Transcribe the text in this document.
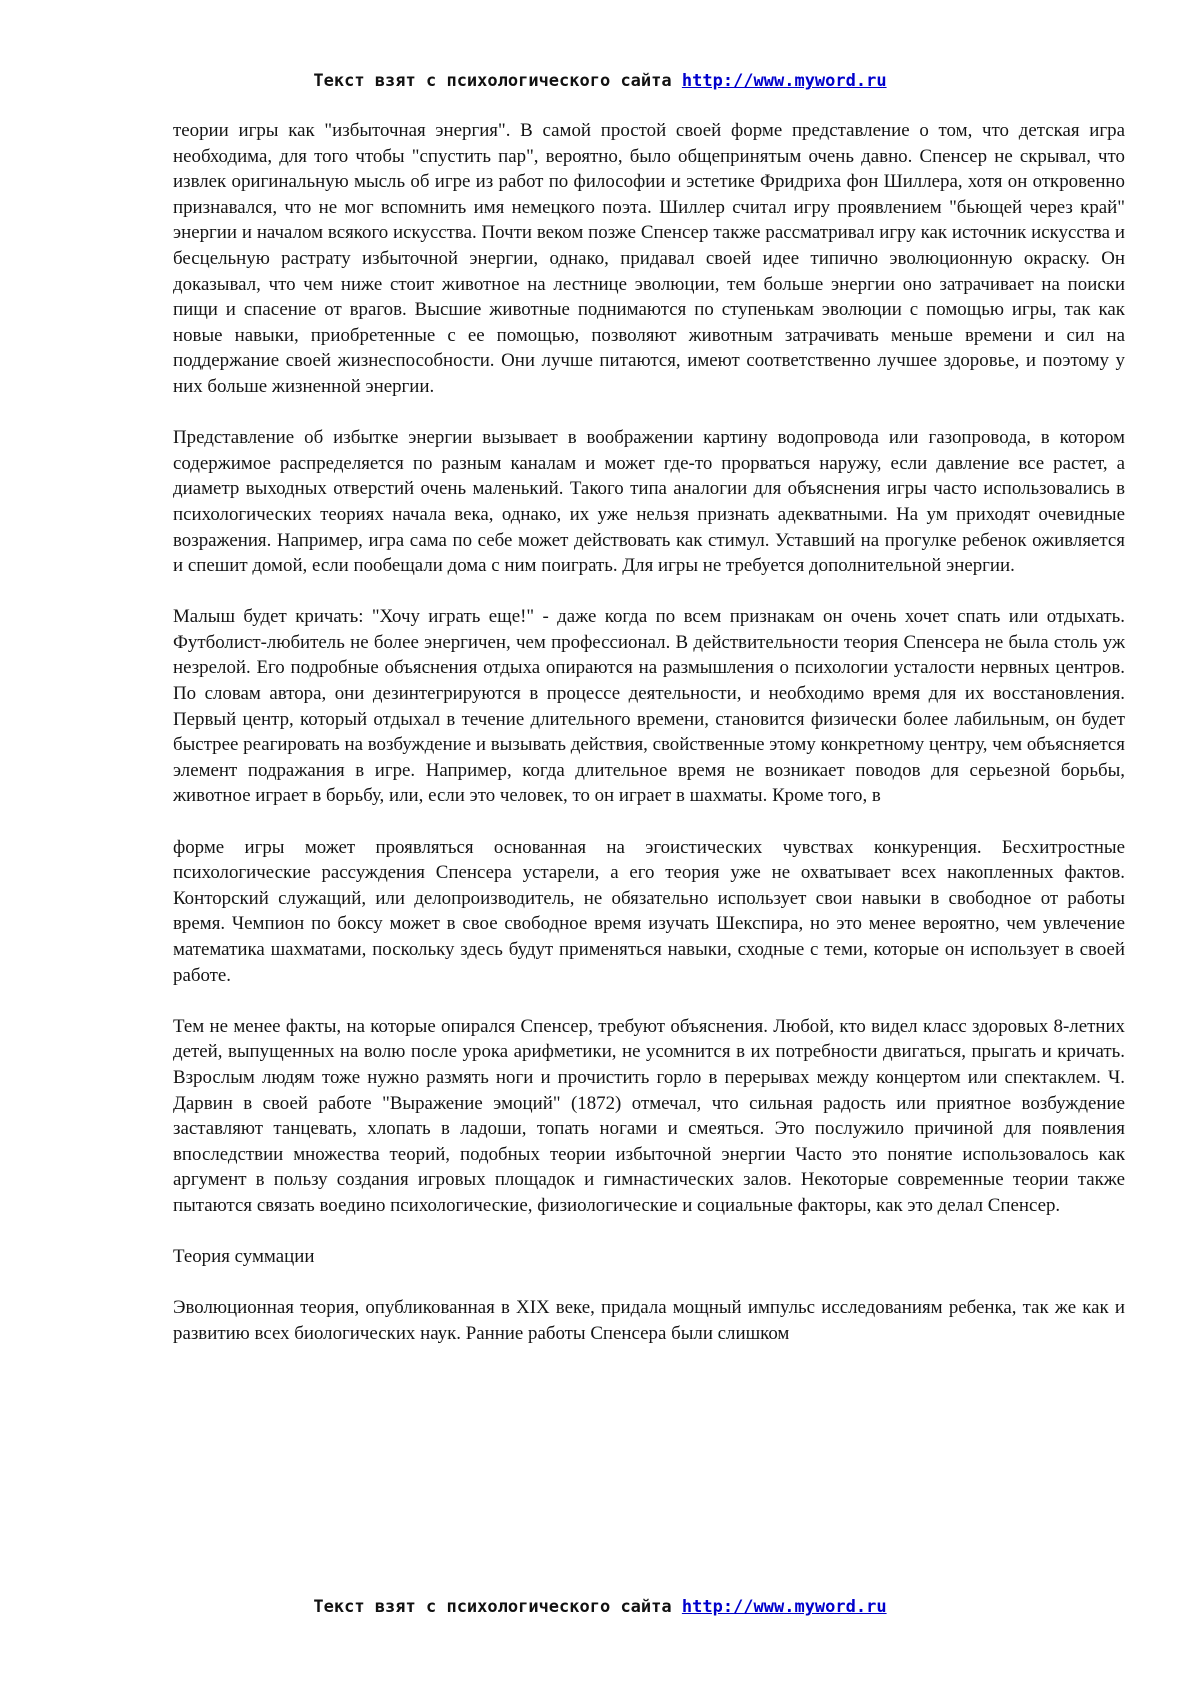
Текст взят с психологического сайта http://www.myword.ru

теории игры как "избыточная энергия". В самой простой своей форме представление о том, что детская игра необходима, для того чтобы "спустить пар", вероятно, было общепринятым очень давно. Спенсер не скрывал, что извлек оригинальную мысль об игре из работ по философии и эстетике Фридриха фон Шиллера, хотя он откровенно признавался, что не мог вспомнить имя немецкого поэта. Шиллер считал игру проявлением "бьющей через край" энергии и началом всякого искусства. Почти веком позже Спенсер также рассматривал игру как источник искусства и бесцельную растрату избыточной энергии, однако, придавал своей идее типично эволюционную окраску. Он доказывал, что чем ниже стоит животное на лестнице эволюции, тем больше энергии оно затрачивает на поиски пищи и спасение от врагов. Высшие животные поднимаются по ступенькам эволюции с помощью игры, так как новые навыки, приобретенные с ее помощью, позволяют животным затрачивать меньше времени и сил на поддержание своей жизнеспособности. Они лучше питаются, имеют соответственно лучшее здоровье, и поэтому у них больше жизненной энергии.

Представление об избытке энергии вызывает в воображении картину водопровода или газопровода, в котором содержимое распределяется по разным каналам и может где-то прорваться наружу, если давление все растет, а диаметр выходных отверстий очень маленький. Такого типа аналогии для объяснения игры часто использовались в психологических теориях начала века, однако, их уже нельзя признать адекватными. На ум приходят очевидные возражения. Например, игра сама по себе может действовать как стимул. Уставший на прогулке ребенок оживляется и спешит домой, если пообещали дома с ним поиграть. Для игры не требуется дополнительной энергии.

Малыш будет кричать: "Хочу играть еще!" - даже когда по всем признакам он очень хочет спать или отдыхать. Футболист-любитель не более энергичен, чем профессионал. В действительности теория Спенсера не была столь уж незрелой. Его подробные объяснения отдыха опираются на размышления о психологии усталости нервных центров. По словам автора, они дезинтегрируются в процессе деятельности, и необходимо время для их восстановления. Первый центр, который отдыхал в течение длительного времени, становится физически более лабильным, он будет быстрее реагировать на возбуждение и вызывать действия, свойственные этому конкретному центру, чем объясняется элемент подражания в игре. Например, когда длительное время не возникает поводов для серьезной борьбы, животное играет в борьбу, или, если это человек, то он играет в шахматы. Кроме того, в

форме игры может проявляться основанная на эгоистических чувствах конкуренция. Бесхитростные психологические рассуждения Спенсера устарели, а его теория уже не охватывает всех накопленных фактов. Конторский служащий, или делопроизводитель, не обязательно использует свои навыки в свободное от работы время. Чемпион по боксу может в свое свободное время изучать Шекспира, но это менее вероятно, чем увлечение математика шахматами, поскольку здесь будут применяться навыки, сходные с теми, которые он использует в своей работе.

Тем не менее факты, на которые опирался Спенсер, требуют объяснения. Любой, кто видел класс здоровых 8-летних детей, выпущенных на волю после урока арифметики, не усомнится в их потребности двигаться, прыгать и кричать. Взрослым людям тоже нужно размять ноги и прочистить горло в перерывах между концертом или спектаклем. Ч. Дарвин в своей работе "Выражение эмоций" (1872) отмечал, что сильная радость или приятное возбуждение заставляют танцевать, хлопать в ладоши, топать ногами и смеяться. Это послужило причиной для появления впоследствии множества теорий, подобных теории избыточной энергии Часто это понятие использовалось как аргумент в пользу создания игровых площадок и гимнастических залов. Некоторые современные теории также пытаются связать воедино психологические, физиологические и социальные факторы, как это делал Спенсер.

Теория суммации

Эволюционная теория, опубликованная в XIX веке, придала мощный импульс исследованиям ребенка, так же как и развитию всех биологических наук. Ранние работы Спенсера были слишком

Текст взят с психологического сайта http://www.myword.ru
